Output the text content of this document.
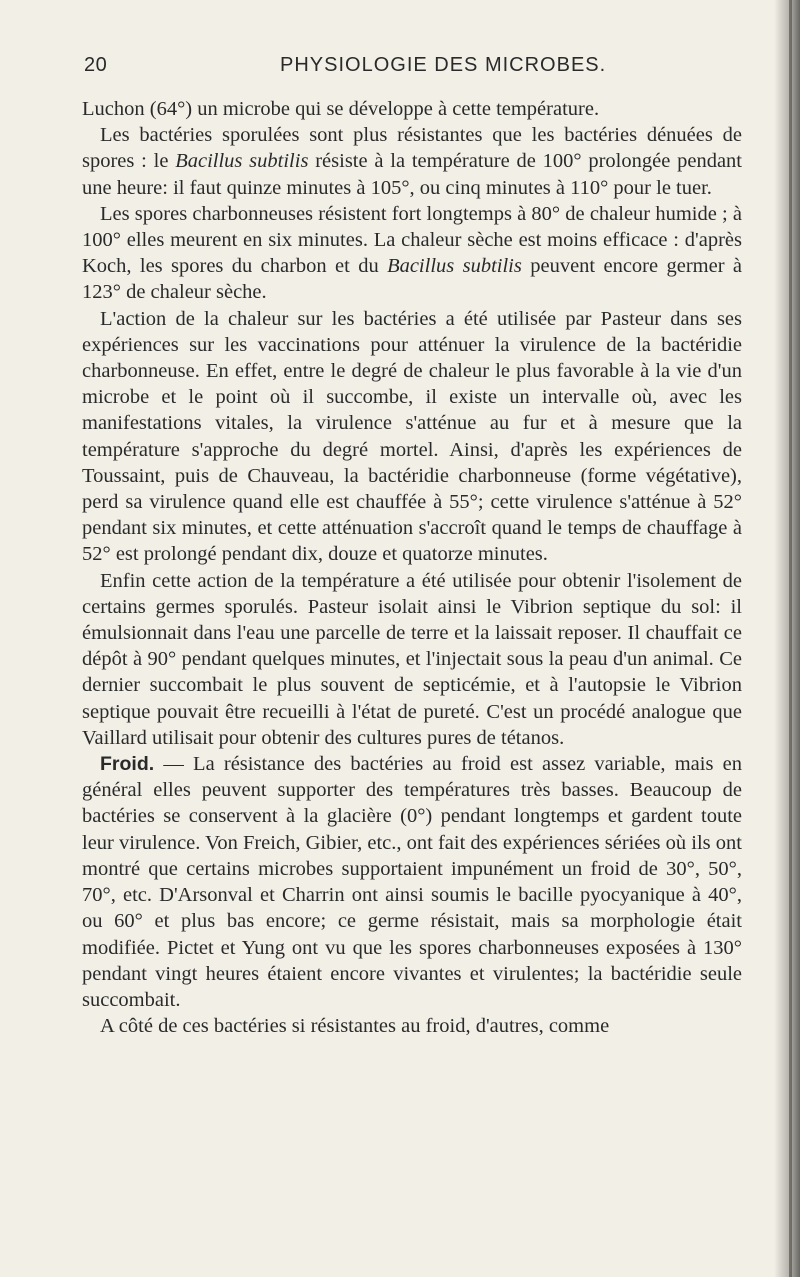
20	PHYSIOLOGIE DES MICROBES.

Luchon (64°) un microbe qui se développe à cette température.

Les bactéries sporulées sont plus résistantes que les bactéries dénuées de spores : le Bacillus subtilis résiste à la température de 100° prolongée pendant une heure: il faut quinze minutes à 105°, ou cinq minutes à 110° pour le tuer.

Les spores charbonneuses résistent fort longtemps à 80° de chaleur humide ; à 100° elles meurent en six minutes. La chaleur sèche est moins efficace : d'après Koch, les spores du charbon et du Bacillus subtilis peuvent encore germer à 123° de chaleur sèche.

L'action de la chaleur sur les bactéries a été utilisée par Pasteur dans ses expériences sur les vaccinations pour atténuer la virulence de la bactéridie charbonneuse. En effet, entre le degré de chaleur le plus favorable à la vie d'un microbe et le point où il succombe, il existe un intervalle où, avec les manifestations vitales, la virulence s'atténue au fur et à mesure que la température s'approche du degré mortel. Ainsi, d'après les expériences de Toussaint, puis de Chauveau, la bactéridie charbonneuse (forme végétative), perd sa virulence quand elle est chauffée à 55°; cette virulence s'atténue à 52° pendant six minutes, et cette atténuation s'accroît quand le temps de chauffage à 52° est prolongé pendant dix, douze et quatorze minutes.

Enfin cette action de la température a été utilisée pour obtenir l'isolement de certains germes sporulés. Pasteur isolait ainsi le Vibrion septique du sol: il émulsionnait dans l'eau une parcelle de terre et la laissait reposer. Il chauffait ce dépôt à 90° pendant quelques minutes, et l'injectait sous la peau d'un animal. Ce dernier succombait le plus souvent de septicémie, et à l'autopsie le Vibrion septique pouvait être recueilli à l'état de pureté. C'est un procédé analogue que Vaillard utilisait pour obtenir des cultures pures de tétanos.

Froid. — La résistance des bactéries au froid est assez variable, mais en général elles peuvent supporter des températures très basses. Beaucoup de bactéries se conservent à la glacière (0°) pendant longtemps et gardent toute leur virulence. Von Freich, Gibier, etc., ont fait des expériences sériées où ils ont montré que certains microbes supportaient impunément un froid de 30°, 50°, 70°, etc. D'Arsonval et Charrin ont ainsi soumis le bacille pyocyanique à 40°, ou 60° et plus bas encore; ce germe résistait, mais sa morphologie était modifiée. Pictet et Yung ont vu que les spores charbonneuses exposées à 130° pendant vingt heures étaient encore vivantes et virulentes; la bactéridie seule succombait.

A côté de ces bactéries si résistantes au froid, d'autres, comme
